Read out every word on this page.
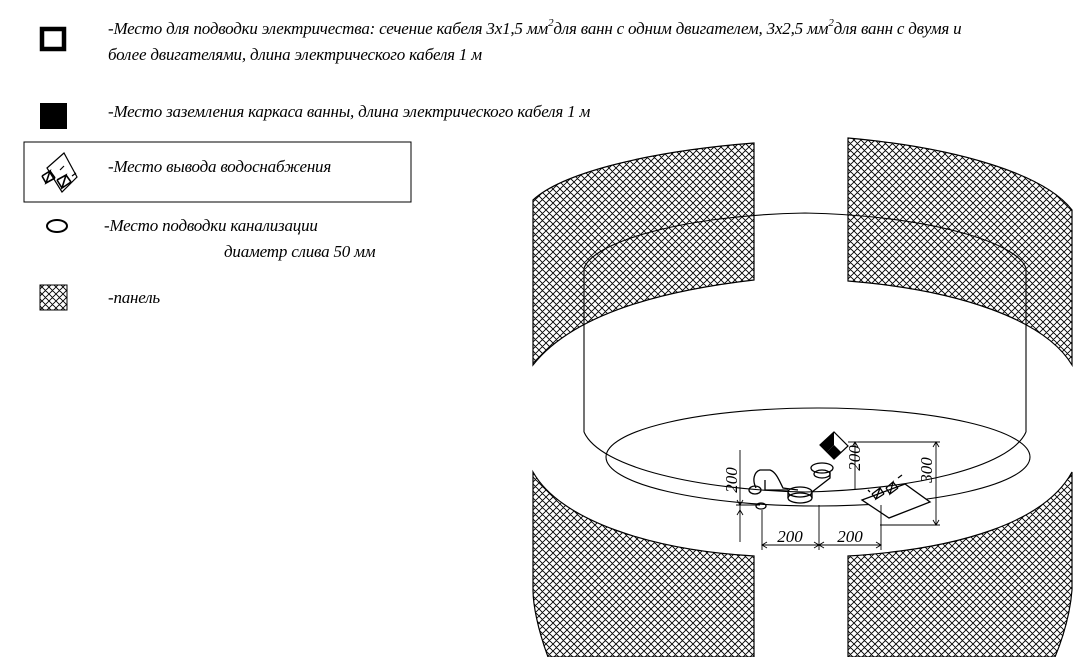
-Место для подводки электричества: сечение кабеля 3х1,5 $мм^2для$ ванн с одним двигателем, 3х2,5 $мм^2для$ ванн с двумя и
более двигателями, длина электрического кабеля 1 м
-Место заземления каркаса ванны, длина электрического кабеля 1 м
-Место вывода водоснабжения
-Место подводки канализации
диаметр слива 50 мм
-панель
200
200	300
200 200
